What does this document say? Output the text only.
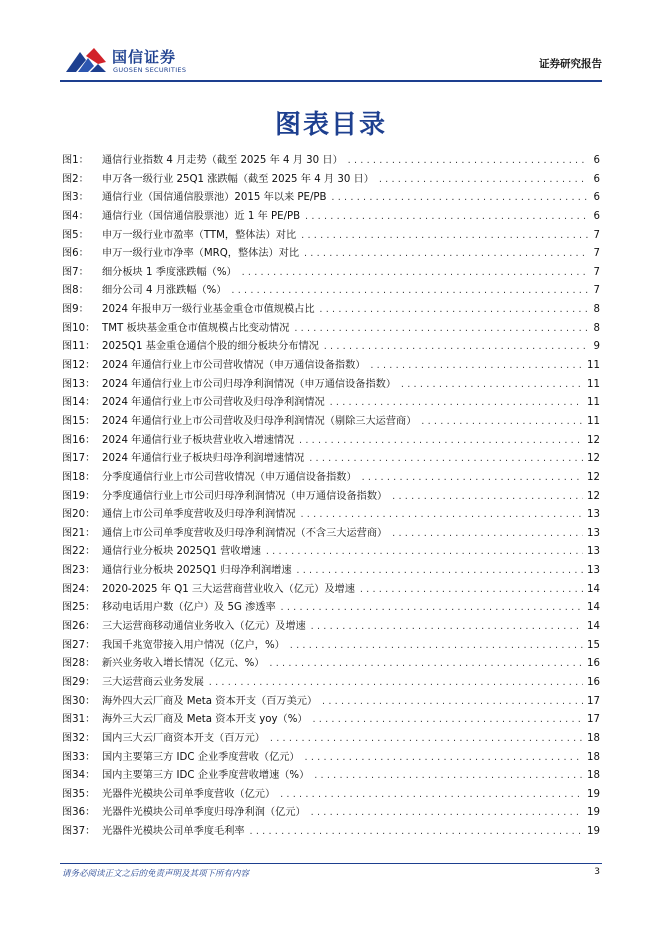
国信证券
GUOSEN SECURITIES	证券研究报告
图表目录
图1：	通信行业指数 4 月走势（截至 2025 年 4 月 30 日） .....	6
图2：	申万各一级行业 25Q1 涨跌幅（截至 2025 年 4 月 30 日） .....	6
图3：	通信行业（国信通信股票池）2015 年以来 PE/PB .....	6
图4：	通信行业（国信通信股票池）近 1 年 PE/PB .....	6
图5：	申万一级行业市盈率（TTM，整体法）对比 .....	7
图6：	申万一级行业市净率（MRQ，整体法）对比 .....	7
图7：	细分板块 1 季度涨跌幅（%） .....	7
图8：	细分公司 4 月涨跌幅（%） .....	7
图9：	2024 年报申万一级行业基金重仓市值规模占比 .....	8
图10： TMT 板块基金重仓市值规模占比变动情况 .....	8
图11： 2025Q1 基金重仓通信个股的细分板块分布情况 .....	9
图12： 2024 年通信行业上市公司营收情况（申万通信设备指数） .....	11
图13： 2024 年通信行业上市公司归母净利润情况（申万通信设备指数） .....	11
图14： 2024 年通信行业上市公司营收及归母净利润情况 .....	11
图15： 2024 年通信行业上市公司营收及归母净利润情况（剔除三大运营商） .....	11
图16： 2024 年通信行业子板块营业收入增速情况 .....	12
图17： 2024 年通信行业子板块归母净利润增速情况 .....	12
图18： 分季度通信行业上市公司营收情况（申万通信设备指数） .....	12
图19： 分季度通信行业上市公司归母净利润情况（申万通信设备指数） .....	12
图20： 通信上市公司单季度营收及归母净利润情况 .....	13
图21： 通信上市公司单季度营收及归母净利润情况（不含三大运营商） .....	13
图22： 通信行业分板块 2025Q1 营收增速 .....	13
图23： 通信行业分板块 2025Q1 归母净利润增速 .....	13
图24： 2020-2025 年 Q1 三大运营商营业收入（亿元）及增速 .....	14
图25： 移动电话用户数（亿户）及 5G 渗透率 .....	14
图26： 三大运营商移动通信业务收入（亿元）及增速 .....	14
图27： 我国千兆宽带接入用户情况（亿户，%） .....	15
图28： 新兴业务收入增长情况（亿元、%） .....	16
图29： 三大运营商云业务发展 .....	16
图30： 海外四大云厂商及 Meta 资本开支（百万美元） .....	17
图31： 海外三大云厂商及 Meta 资本开支 yoy（%） .....	17
图32： 国内三大云厂商资本开支（百万元） .....	18
图33： 国内主要第三方 IDC 企业季度营收（亿元） .....	18
图34： 国内主要第三方 IDC 企业季度营收增速（%） .....	18
图35： 光器件光模块公司单季度营收（亿元） .....	19
图36： 光器件光模块公司单季度归母净利润（亿元） .....	19
图37： 光器件光模块公司单季度毛利率 .....	19
请务必阅读正文之后的免责声明及其项下所有内容	3
